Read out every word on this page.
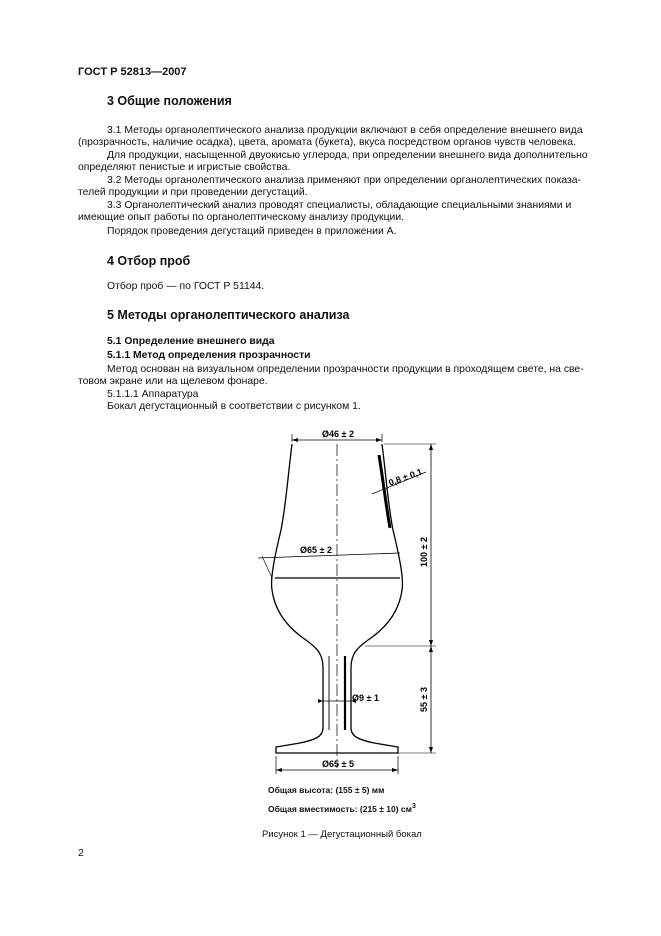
ГОСТ Р 52813—2007
3 Общие положения
3.1 Методы органолептического анализа продукции включают в себя определение внешнего вида
(прозрачность, наличие осадка), цвета, аромата (букета), вкуса посредством органов чувств человека.
Для продукции, насыщенной двуокисью углерода, при определении внешнего вида дополнительно
определяют пенистые и игристые свойства.
3.2 Методы органолептического анализа применяют при определении органолептических показа-
телей продукции и при проведении дегустаций.
3.3 Органолептический анализ проводят специалисты, обладающие специальными знаниями и
имеющие опыт работы по органолептическому анализу продукции.
Порядок проведения дегустаций приведен в приложении А.
4 Отбор проб
Отбор проб — по ГОСТ Р 51144.
5 Методы органолептического анализа
5.1 Определение внешнего вида
5.1.1 Метод определения прозрачности
Метод основан на визуальном определении прозрачности продукции в проходящем свете, на све-
товом экране или на щелевом фонаре.
5.1.1.1 Аппаратура
Бокал дегустационный в соответствии с рисунком 1.
Ø46 ± 2
Ø65 ± 2
Ø9 ± 1
Ø65 ± 5
0,8 ± 0,1
100 ± 2
55 ± 3
Общая высота: (155 ± 5) мм
Общая вместимость: (215 ± 10) $см^3$
Рисунок 1 — Дегустационный бокал
2
